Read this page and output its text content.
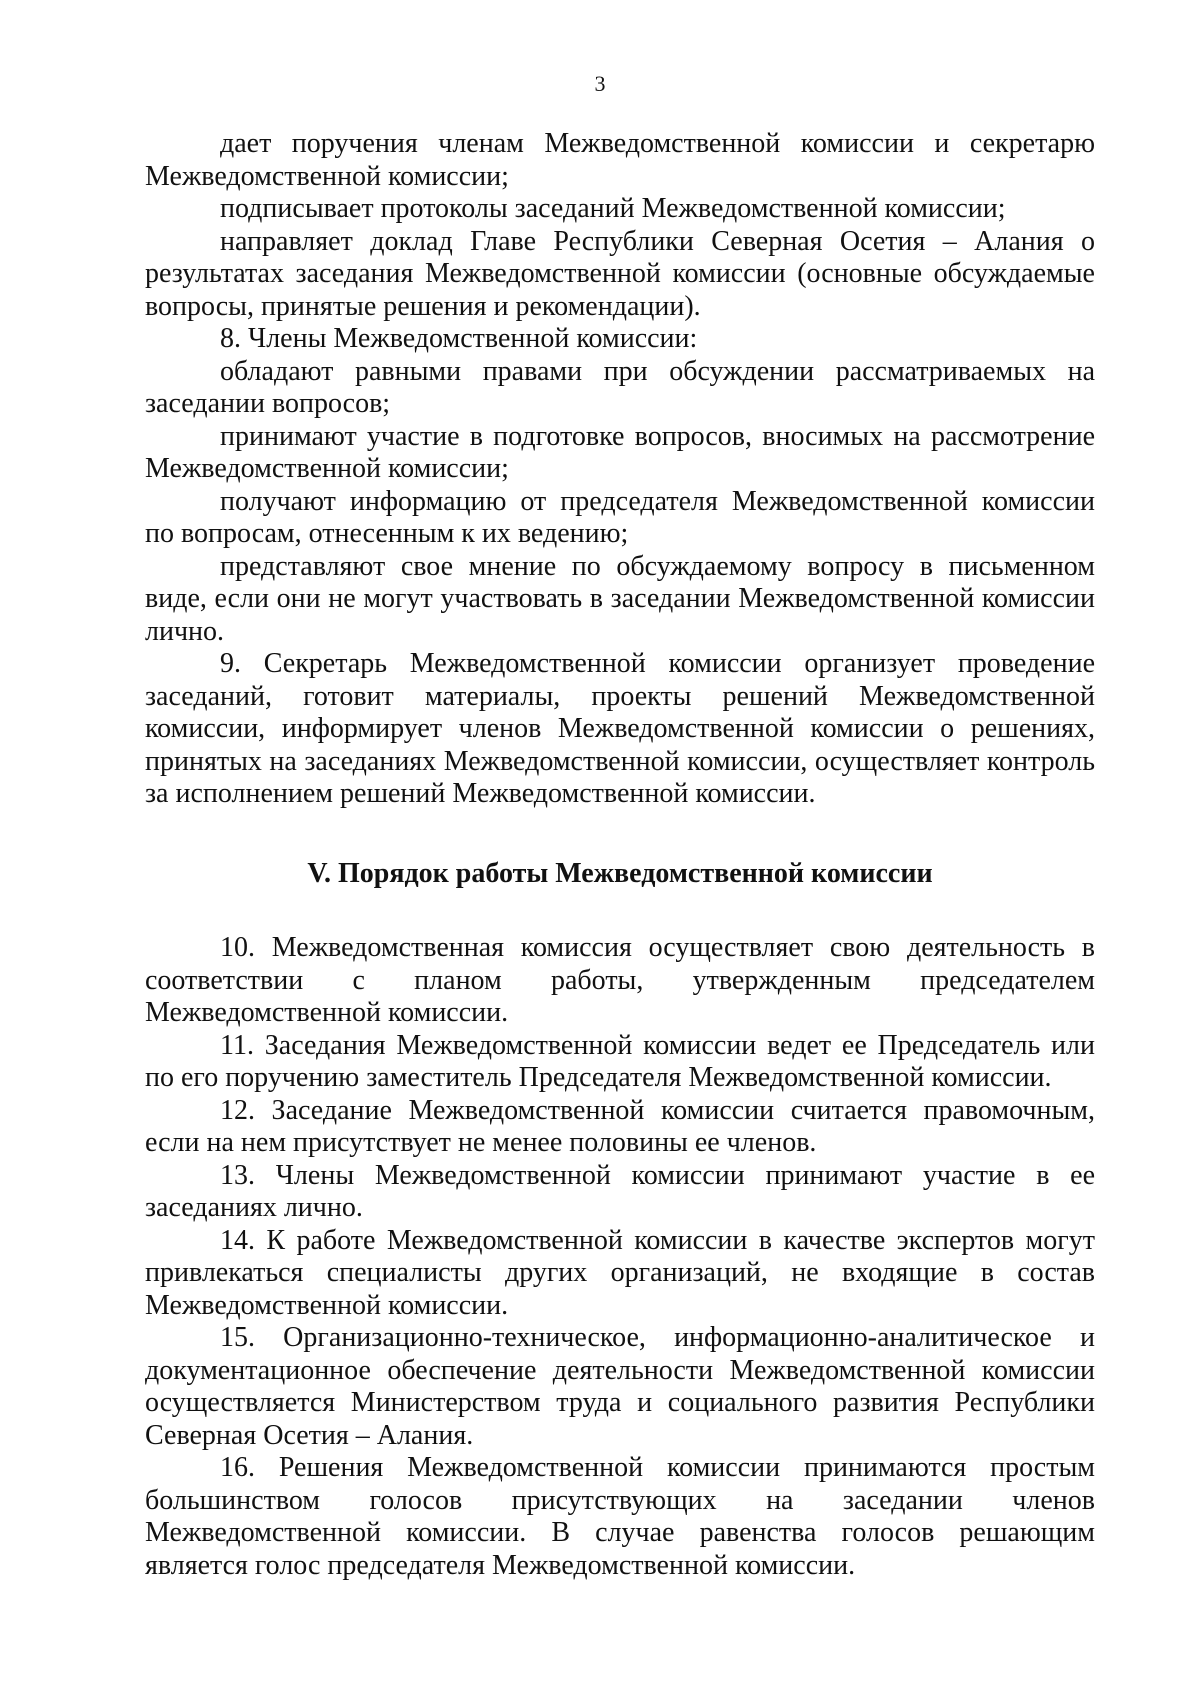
3

дает поручения членам Межведомственной комиссии и секретарю Межведомственной комиссии;

подписывает протоколы заседаний Межведомственной комиссии;

направляет доклад Главе Республики Северная Осетия – Алания о результатах заседания Межведомственной комиссии (основные обсуждаемые вопросы, принятые решения и рекомендации).

8. Члены Межведомственной комиссии:

обладают равными правами при обсуждении рассматриваемых на заседании вопросов;

принимают участие в подготовке вопросов, вносимых на рассмотрение Межведомственной комиссии;

получают информацию от председателя Межведомственной комиссии по вопросам, отнесенным к их ведению;

представляют свое мнение по обсуждаемому вопросу в письменном виде, если они не могут участвовать в заседании Межведомственной комиссии лично.

9. Секретарь Межведомственной комиссии организует проведение заседаний, готовит материалы, проекты решений Межведомственной комиссии, информирует членов Межведомственной комиссии о решениях, принятых на заседаниях Межведомственной комиссии, осуществляет контроль за исполнением решений Межведомственной комиссии.

V. Порядок работы Межведомственной комиссии

10. Межведомственная комиссия осуществляет свою деятельность в соответствии с планом работы, утвержденным председателем Межведомственной комиссии.

11. Заседания Межведомственной комиссии ведет ее Председатель или по его поручению заместитель Председателя Межведомственной комиссии.

12. Заседание Межведомственной комиссии считается правомочным, если на нем присутствует не менее половины ее членов.

13. Члены Межведомственной комиссии принимают участие в ее заседаниях лично.

14. К работе Межведомственной комиссии в качестве экспертов могут привлекаться специалисты других организаций, не входящие в состав Межведомственной комиссии.

15. Организационно-техническое, информационно-аналитическое и документационное обеспечение деятельности Межведомственной комиссии осуществляется Министерством труда и социального развития Республики Северная Осетия – Алания.

16. Решения Межведомственной комиссии принимаются простым большинством голосов присутствующих на заседании членов Межведомственной комиссии. В случае равенства голосов решающим является голос председателя Межведомственной комиссии.
